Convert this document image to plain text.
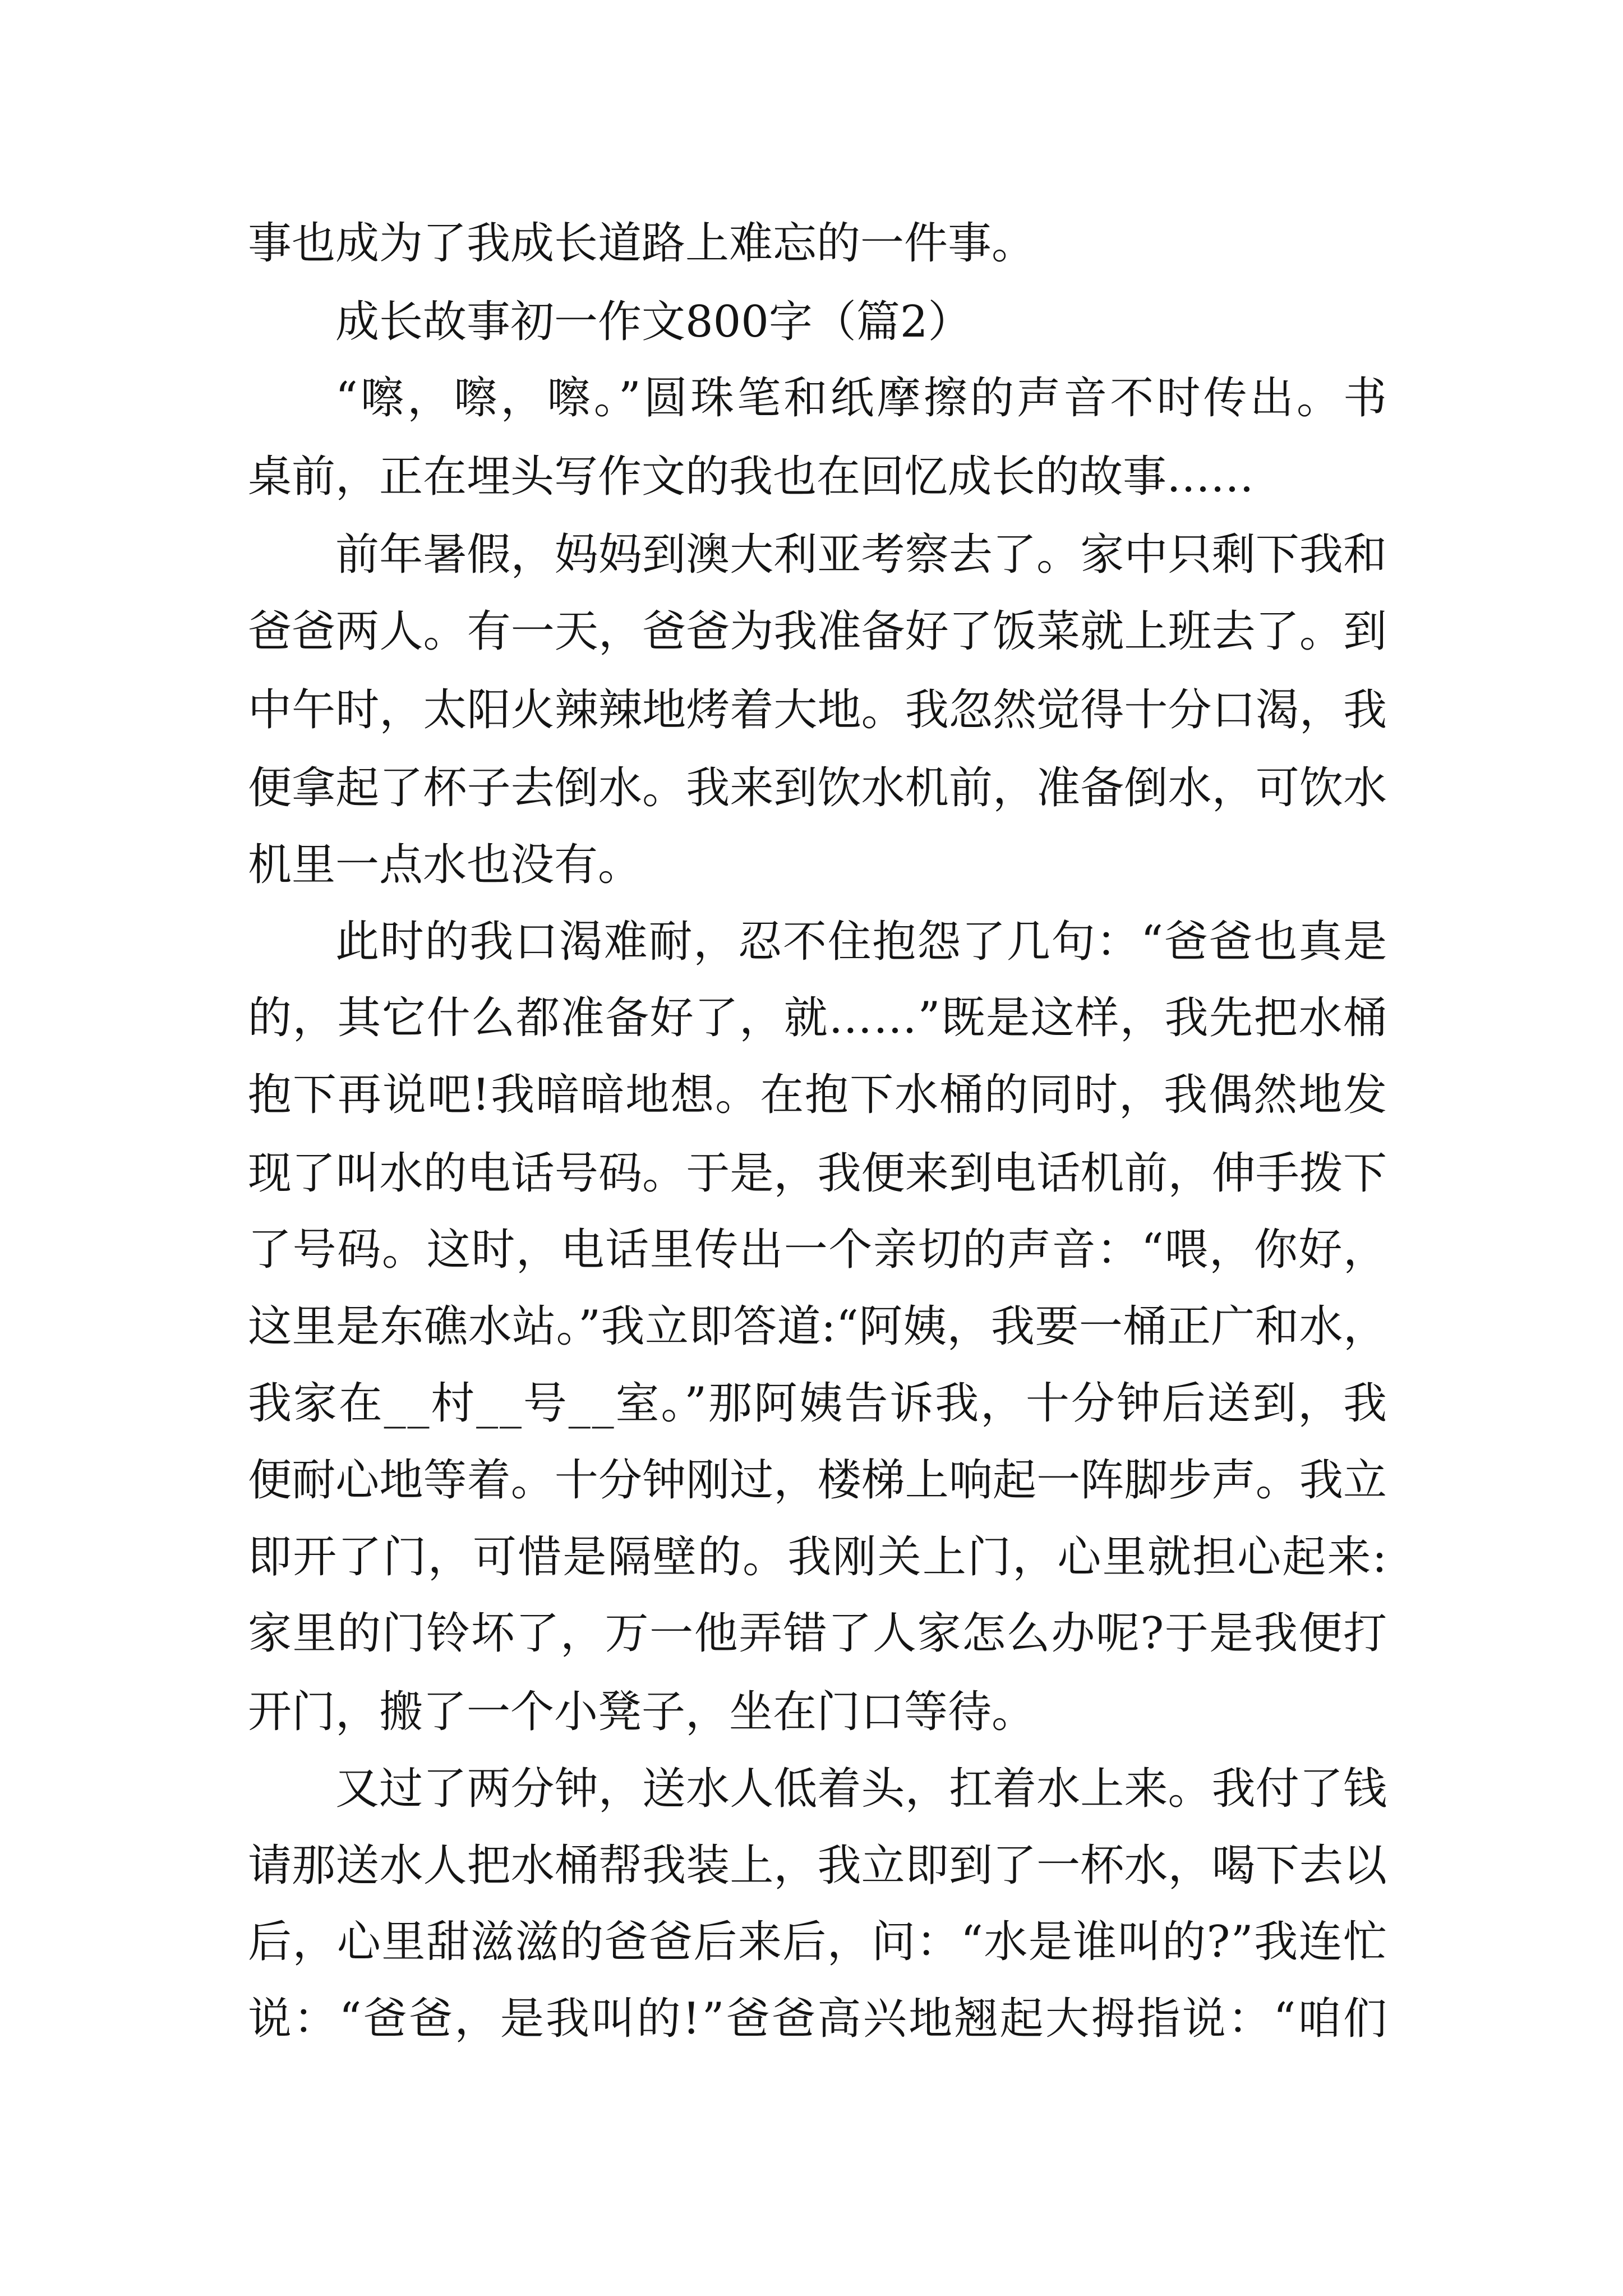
事也成为了我成长道路上难忘的一件事。
成长故事初一作文800字（篇2）
“嚓，嚓，嚓。”圆珠笔和纸摩擦的声音不时传出。书
桌前，正在埋头写作文的我也在回忆成长的故事……
前年暑假，妈妈到澳大利亚考察去了。家中只剩下我和
爸爸两人。有一天，爸爸为我准备好了饭菜就上班去了。到
中午时，太阳火辣辣地烤着大地。我忽然觉得十分口渴，我
便拿起了杯子去倒水。我来到饮水机前，准备倒水，可饮水
机里一点水也没有。
此时的我口渴难耐，忍不住抱怨了几句：“爸爸也真是
的，其它什么都准备好了，就……”既是这样，我先把水桶
抱下再说吧!我暗暗地想。在抱下水桶的同时，我偶然地发
现了叫水的电话号码。于是，我便来到电话机前，伸手拨下
了号码。这时，电话里传出一个亲切的声音：“喂，你好，
这里是东礁水站。”我立即答道:“阿姨，我要一桶正广和水，
我家在__村__号__室。”那阿姨告诉我，十分钟后送到，我
便耐心地等着。十分钟刚过，楼梯上响起一阵脚步声。我立
即开了门，可惜是隔壁的。我刚关上门，心里就担心起来:
家里的门铃坏了，万一他弄错了人家怎么办呢?于是我便打
开门，搬了一个小凳子，坐在门口等待。
又过了两分钟，送水人低着头，扛着水上来。我付了钱
请那送水人把水桶帮我装上，我立即到了一杯水，喝下去以
后，心里甜滋滋的爸爸后来后，问：“水是谁叫的?”我连忙
说：“爸爸，是我叫的!”爸爸高兴地翘起大拇指说：“咱们
